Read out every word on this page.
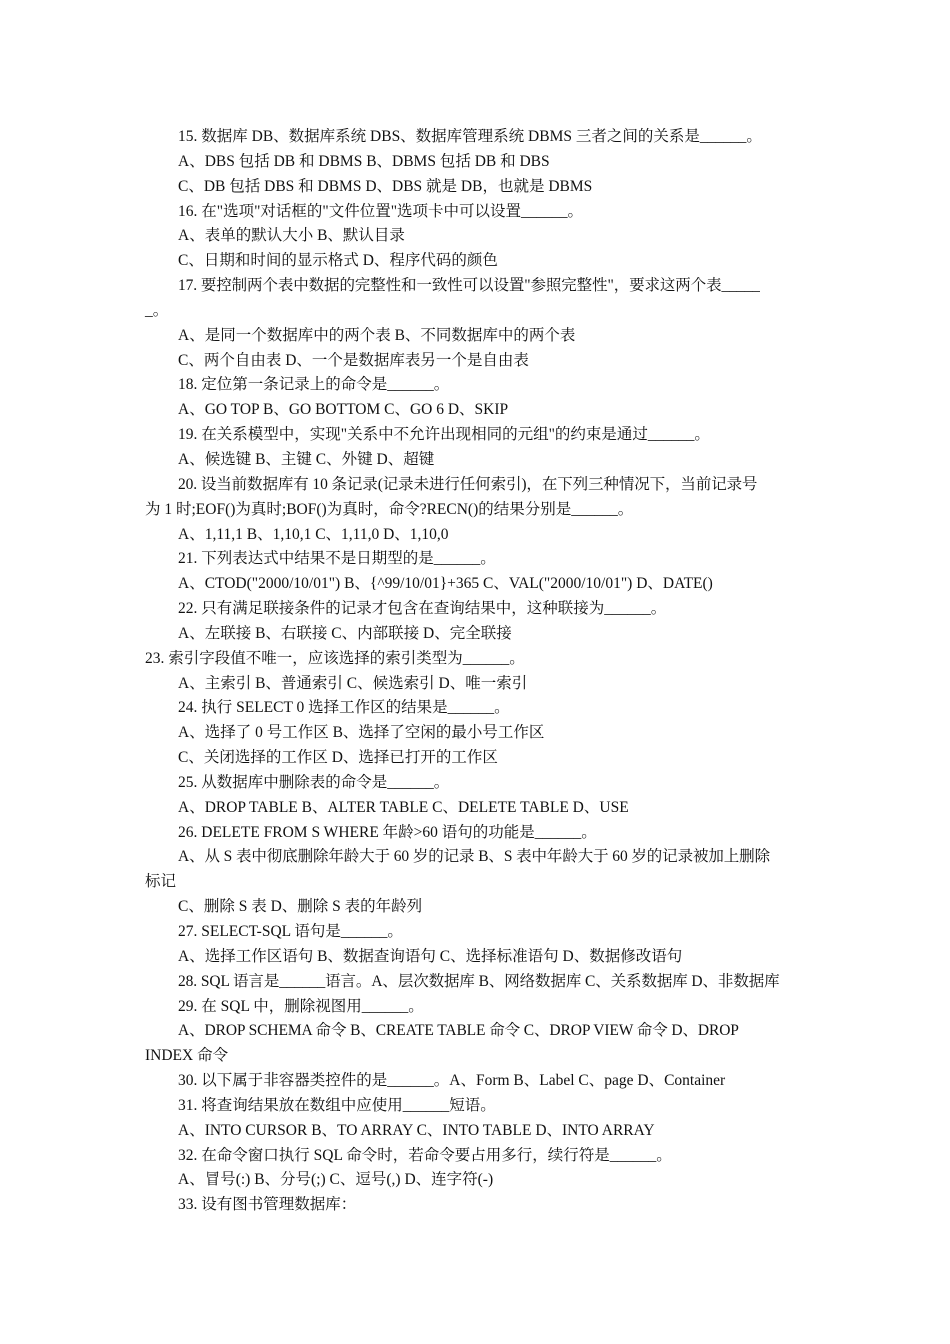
15. 数据库 DB、数据库系统 DBS、数据库管理系统 DBMS 三者之间的关系是______。
A、DBS 包括 DB 和 DBMS B、DBMS 包括 DB 和 DBS
C、DB 包括 DBS 和 DBMS D、DBS 就是 DB，也就是 DBMS
16. 在"选项"对话框的"文件位置"选项卡中可以设置______。
A、表单的默认大小 B、默认目录
C、日期和时间的显示格式 D、程序代码的颜色
17. 要控制两个表中数据的完整性和一致性可以设置"参照完整性"，要求这两个表_____
_。
A、是同一个数据库中的两个表 B、不同数据库中的两个表
C、两个自由表 D、一个是数据库表另一个是自由表
18. 定位第一条记录上的命令是______。
A、GO TOP B、GO BOTTOM C、GO 6 D、SKIP
19. 在关系模型中，实现"关系中不允许出现相同的元组"的约束是通过______。
A、候选键 B、主键 C、外键 D、超键
20. 设当前数据库有 10 条记录(记录未进行任何索引)，在下列三种情况下，当前记录号
为 1 时;EOF()为真时;BOF()为真时，命令?RECN()的结果分别是______。
A、1,11,1 B、1,10,1 C、1,11,0 D、1,10,0
21. 下列表达式中结果不是日期型的是______。
A、CTOD("2000/10/01") B、{^99/10/01}+365 C、VAL("2000/10/01") D、DATE()
22. 只有满足联接条件的记录才包含在查询结果中，这种联接为______。
A、左联接 B、右联接 C、内部联接 D、完全联接
23. 索引字段值不唯一，应该选择的索引类型为______。
A、主索引 B、普通索引 C、候选索引 D、唯一索引
24. 执行 SELECT 0 选择工作区的结果是______。
A、选择了 0 号工作区 B、选择了空闲的最小号工作区
C、关闭选择的工作区 D、选择已打开的工作区
25. 从数据库中删除表的命令是______。
A、DROP TABLE B、ALTER TABLE C、DELETE TABLE D、USE
26. DELETE FROM S WHERE 年龄>60 语句的功能是______。
A、从 S 表中彻底删除年龄大于 60 岁的记录 B、S 表中年龄大于 60 岁的记录被加上删除
标记
C、删除 S 表 D、删除 S 表的年龄列
27. SELECT-SQL 语句是______。
A、选择工作区语句 B、数据查询语句 C、选择标准语句 D、数据修改语句
28. SQL 语言是______语言。A、层次数据库 B、网络数据库 C、关系数据库 D、非数据库
29. 在 SQL 中，删除视图用______。
A、DROP SCHEMA 命令 B、CREATE TABLE 命令 C、DROP VIEW 命令 D、DROP
INDEX 命令
30. 以下属于非容器类控件的是______。A、Form B、Label C、page D、Container
31. 将查询结果放在数组中应使用______短语。
A、INTO CURSOR B、TO ARRAY C、INTO TABLE D、INTO ARRAY
32. 在命令窗口执行 SQL 命令时，若命令要占用多行，续行符是______。
A、冒号(:) B、分号(;) C、逗号(,) D、连字符(-)
33. 设有图书管理数据库：
